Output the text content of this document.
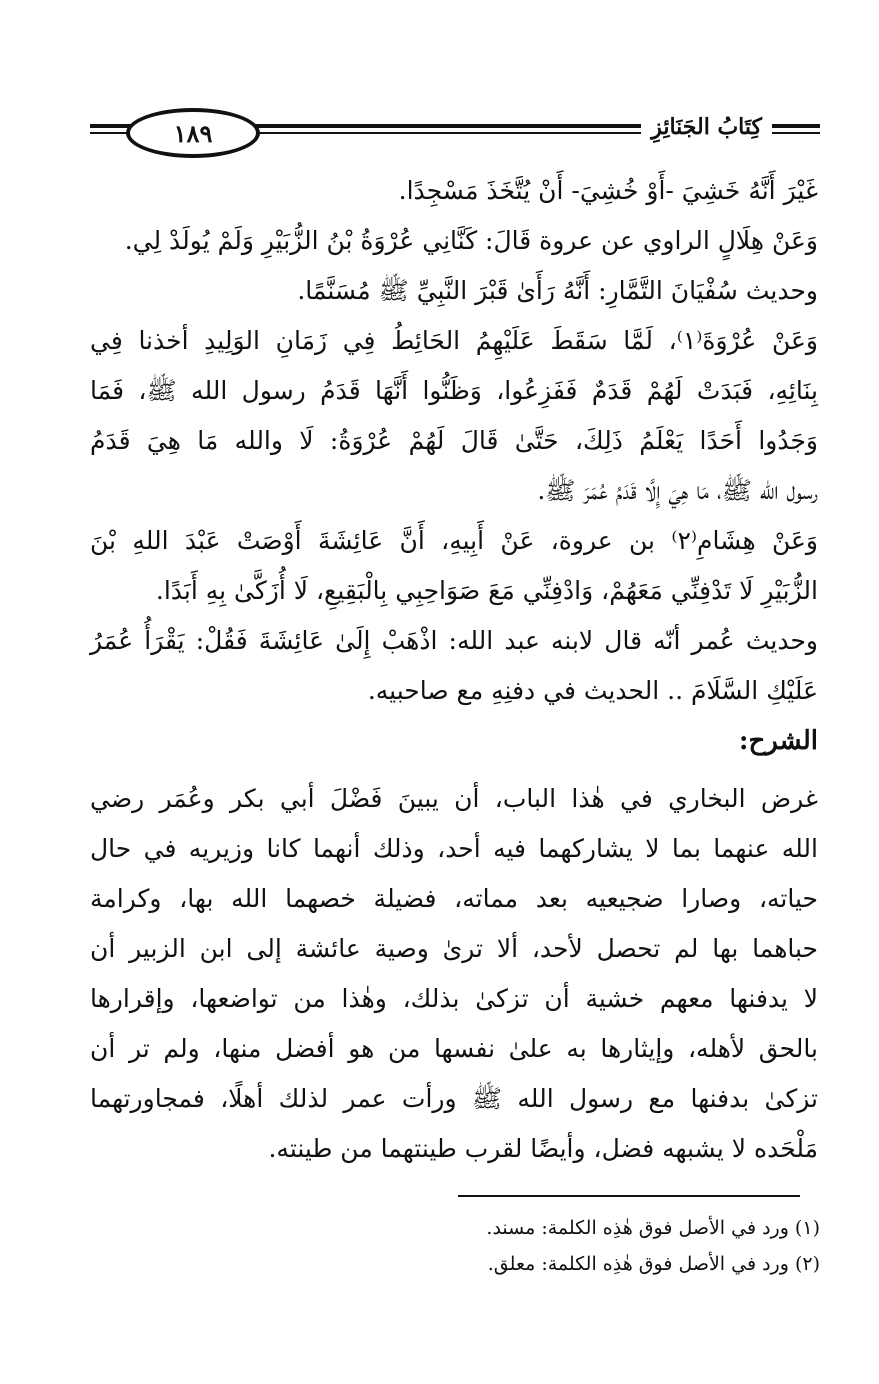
١٨٩	كِتَابُ الجَنَائِزِ
غَيْرَ أَنَّهُ خَشِيَ -أَوْ خُشِيَ- أَنْ يُتَّخَذَ مَسْجِدًا.
وَعَنْ هِلَالٍ الراوي عن عروة قَالَ: كَنَّانِي عُرْوَةُ بْنُ الزُّبَيْرِ وَلَمْ يُولَدْ لِي.
وحديث سُفْيَانَ التَّمَّارِ: أَنَّهُ رَأَىٰ قَبْرَ النَّبِيِّ ﷺ مُسَنَّمًا.
وَعَنْ عُرْوَةَ⁽١⁾، لَمَّا سَقَطَ عَلَيْهِمُ الحَائِطُ فِي زَمَانِ الوَلِيدِ أخذنا فِي
بِنَائِهِ، فَبَدَتْ لَهُمْ قَدَمٌ فَفَزِعُوا، وَظَنُّوا أَنَّهَا قَدَمُ رسول الله ﷺ، فَمَا
وَجَدُوا أَحَدًا يَعْلَمُ ذَلِكَ، حَتَّىٰ قَالَ لَهُمْ عُرْوَةُ: لَا والله مَا هِيَ قَدَمُ
رسول الله ﷺ، مَا هِيَ إِلَّا قَدَمُ عُمَرَ ﷺ.
وَعَنْ هِشَامِ⁽٢⁾ بن عروة، عَنْ أَبِيهِ، أَنَّ عَائِشَةَ أَوْصَتْ عَبْدَ اللهِ بْنَ
الزُّبَيْرِ لَا تَدْفِنِّي مَعَهُمْ، وَادْفِنِّي مَعَ صَوَاحِبِي بِالْبَقِيعِ، لَا أُزَكَّىٰ بِهِ أَبَدًا.
وحديث عُمر أنّه قال لابنه عبد الله: اذْهَبْ إِلَىٰ عَائِشَةَ فَقُلْ: يَقْرَأُ عُمَرُ
عَلَيْكِ السَّلَامَ .. الحديث في دفنِهِ مع صاحبيه.
الشرح:
غرض البخاري في هٰذا الباب، أن يبينَ فَضْلَ أبي بكر وعُمَر رضي
الله عنهما بما لا يشاركهما فيه أحد، وذلك أنهما كانا وزيريه في حال
حياته، وصارا ضجيعيه بعد مماته، فضيلة خصهما الله بها، وكرامة
حباهما بها لم تحصل لأحد، ألا ترىٰ وصية عائشة إلى ابن الزبير أن
لا يدفنها معهم خشية أن تزكىٰ بذلك، وهٰذا من تواضعها، وإقرارها
بالحق لأهله، وإيثارها به علىٰ نفسها من هو أفضل منها، ولم تر أن
تزكىٰ بدفنها مع رسول الله ﷺ ورأت عمر لذلك أهلًا، فمجاورتهما
مَلْحَده لا يشبهه فضل، وأيضًا لقرب طينتهما من طينته.
(١) ورد في الأصل فوق هٰذِه الكلمة: مسند.
(٢) ورد في الأصل فوق هٰذِه الكلمة: معلق.
